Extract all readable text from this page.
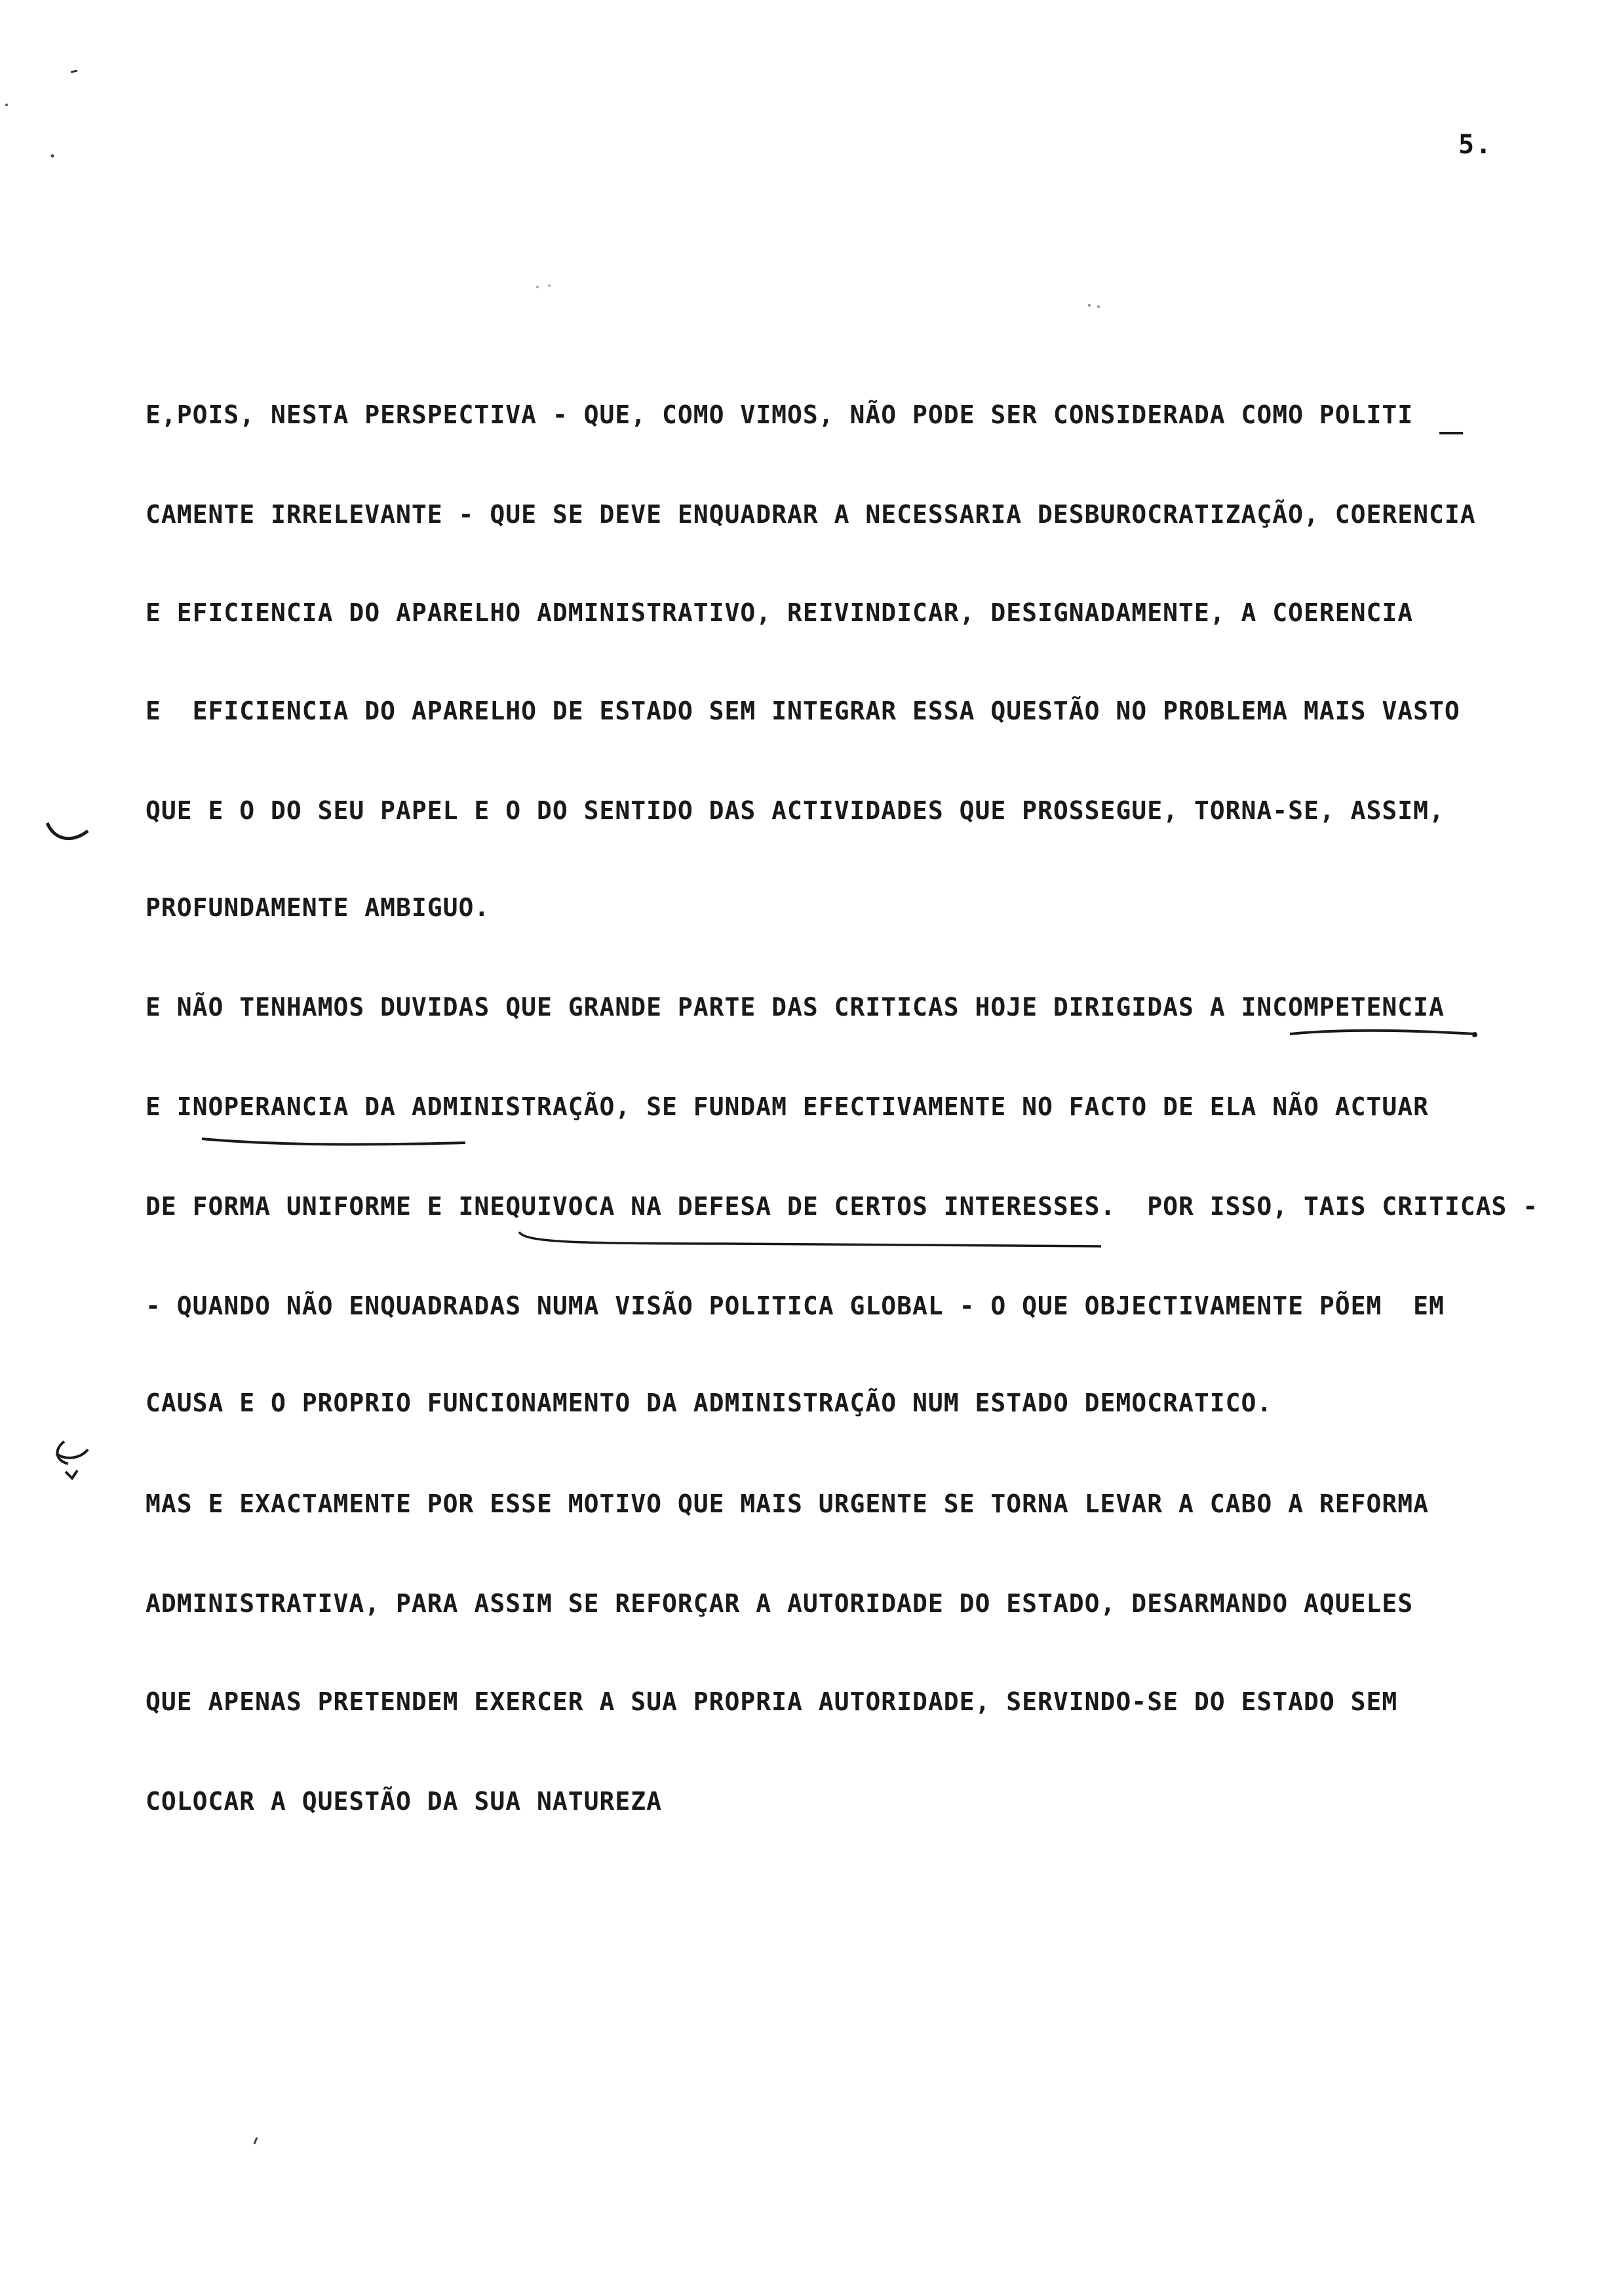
5.
E,POIS, NESTA PERSPECTIVA - QUE, COMO VIMOS, NÃO PODE SER CONSIDERADA COMO POLITI
CAMENTE IRRELEVANTE - QUE SE DEVE ENQUADRAR A NECESSARIA DESBUROCRATIZAÇÃO, COERENCIA
E EFICIENCIA DO APARELHO ADMINISTRATIVO, REIVINDICAR, DESIGNADAMENTE, A COERENCIA
E  EFICIENCIA DO APARELHO DE ESTADO SEM INTEGRAR ESSA QUESTÃO NO PROBLEMA MAIS VASTO
QUE E O DO SEU PAPEL E O DO SENTIDO DAS ACTIVIDADES QUE PROSSEGUE, TORNA-SE, ASSIM,
PROFUNDAMENTE AMBIGUO.
E NÃO TENHAMOS DUVIDAS QUE GRANDE PARTE DAS CRITICAS HOJE DIRIGIDAS A INCOMPETENCIA
E INOPERANCIA DA ADMINISTRAÇÃO, SE FUNDAM EFECTIVAMENTE NO FACTO DE ELA NÃO ACTUAR
DE FORMA UNIFORME E INEQUIVOCA NA DEFESA DE CERTOS INTERESSES.  POR ISSO, TAIS CRITICAS -
- QUANDO NÃO ENQUADRADAS NUMA VISÃO POLITICA GLOBAL - O QUE OBJECTIVAMENTE PÕEM  EM
CAUSA E O PROPRIO FUNCIONAMENTO DA ADMINISTRAÇÃO NUM ESTADO DEMOCRATICO.
MAS E EXACTAMENTE POR ESSE MOTIVO QUE MAIS URGENTE SE TORNA LEVAR A CABO A REFORMA
ADMINISTRATIVA, PARA ASSIM SE REFORÇAR A AUTORIDADE DO ESTADO, DESARMANDO AQUELES
QUE APENAS PRETENDEM EXERCER A SUA PROPRIA AUTORIDADE, SERVINDO-SE DO ESTADO SEM
COLOCAR A QUESTÃO DA SUA NATUREZA
